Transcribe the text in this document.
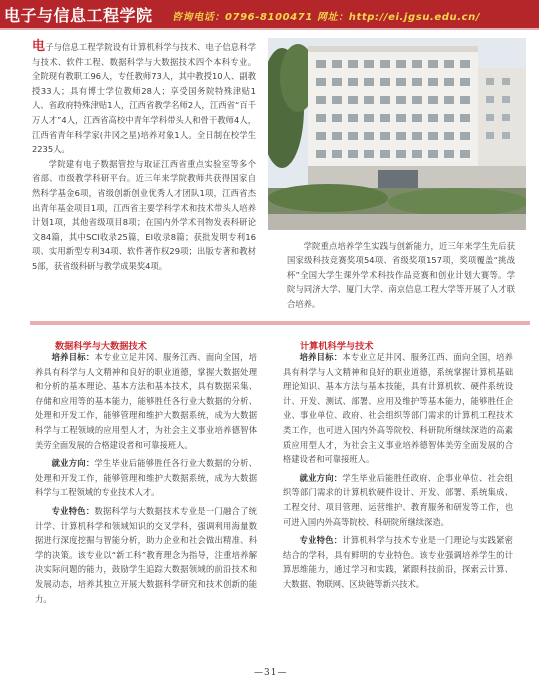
电子与信息工程学院 咨询电话：0796-8100471 网址：http://ei.jgsu.edu.cn/

电子与信息工程学院设有计算机科学与技术、电子信息科学与技术、软件工程、数据科学与大数据技术四个本科专业。全院现有教职工96人，专任教师73人，其中教授10人、副教授33人；具有博士学位教师28人；享受国务院特殊津贴1人、省政府特殊津贴1人，江西省教学名师2人，江西省“百千万人才”4人，江西省高校中青年学科带头人和骨干教师4人，江西省青年科学家(井冈之星)培养对象1人。全日制在校学生2235人。

学院建有电子数据管控与取证江西省重点实验室等多个省部、市级教学科研平台。近三年来学院教师共获得国家自然科学基金6项，省级创新创业优秀人才团队1项，江西省杰出青年基金项目1项，江西省主要学科学术和技术带头人培养计划1项，其他省级项目8项；在国内外学术刊物发表科研论文84篇，其中SCI收录25篇，EI收录8篇；获批发明专利16项、实用新型专利34项、软件著作权29项；出版专著和教材5部，获省级科研与教学成果奖4项。

学院重点培养学生实践与创新能力，近三年来学生先后获国家级科技竞赛奖项54项、省级奖项157项，奖项覆盖“挑战杯”全国大学生课外学术科技作品竞赛和创业计划大赛等。学院与同济大学、厦门大学、南京信息工程大学等开展了人才联合培养。
数据科学与大数据技术

培养目标：本专业立足井冈、服务江西、面向全国，培养具有科学与人文精神和良好的职业道德，掌握大数据处理和分析的基本理论、基本方法和基本技术，具有数据采集、存储和应用等的基本能力，能够胜任各行业大数据的分析、处理和开发工作，能够管理和维护大数据系统，成为大数据科学与工程领域的应用型人才，为社会主义事业培养德智体美劳全面发展的合格建设者和可靠接班人。

就业方向：学生毕业后能够胜任各行业大数据的分析、处理和开发工作，能够管理和维护大数据系统，成为大数据科学与工程领域的专业技术人才。

专业特色：数据科学与大数据技术专业是一门融合了统计学、计算机科学和领域知识的交叉学科，强调利用海量数据进行深度挖掘与智能分析，助力企业和社会做出精准、科学的决策。该专业以“新工科”教育理念为指导，注重培养解决实际问题的能力，鼓励学生追踪大数据领域的前沿技术和发展动态，培养其独立开展大数据科学研究和技术创新的能力。

计算机科学与技术

培养目标：本专业立足井冈、服务江西、面向全国，培养具有科学与人文精神和良好的职业道德，系统掌握计算机基础理论知识、基本方法与基本技能，具有计算机软、硬件系统设计、开发、测试、部署、应用及维护等基本能力，能够胜任企业、事业单位、政府、社会组织等部门需求的计算机工程技术类工作，也可进入国内外高等院校、科研院所继续深造的高素质应用型人才，为社会主义事业培养德智体美劳全面发展的合格建设者和可靠接班人。

就业方向：学生毕业后能胜任政府、企事业单位、社会组织等部门需求的计算机软硬件设计、开发、部署、系统集成、工程交付、项目管理、运营维护、教育服务和研发等工作，也可进入国内外高等院校、科研院所继续深造。

专业特色：计算机科学与技术专业是一门理论与实践紧密结合的学科，具有鲜明的专业特色。该专业强调培养学生的计算思维能力，通过学习和实践，紧跟科技前沿，探索云计算、大数据、物联网、区块链等新兴技术。

—31—
